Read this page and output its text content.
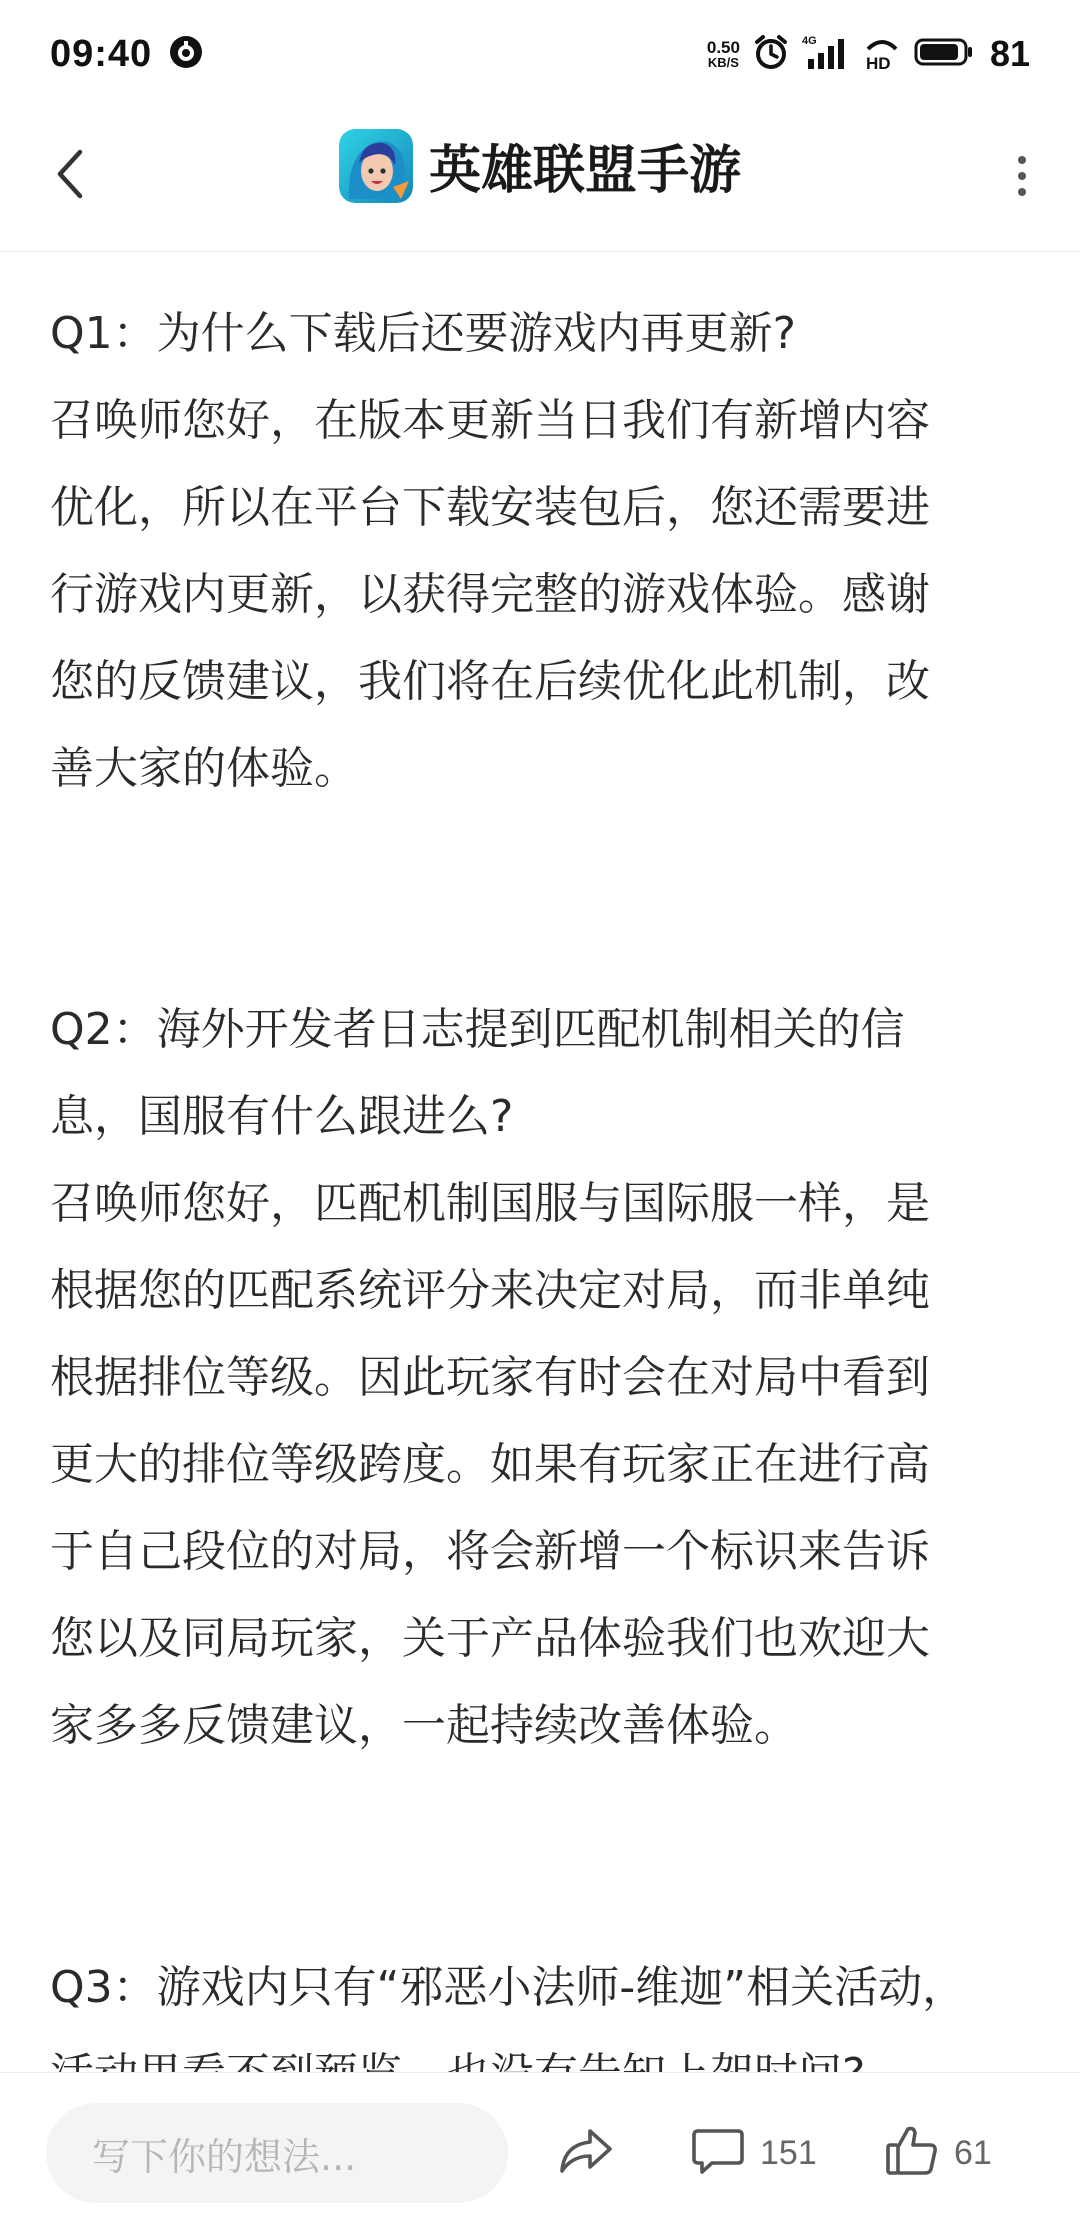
09:40	0.50
KB/S
4G
HD	81
英雄联盟手游

Q1：为什么下载后还要游戏内再更新?

召唤师您好，在版本更新当日我们有新增内容

优化，所以在平台下载安装包后，您还需要进

行游戏内更新，以获得完整的游戏体验。感谢

您的反馈建议，我们将在后续优化此机制，改

善大家的体验。

Q2：海外开发者日志提到匹配机制相关的信

息，国服有什么跟进么?

召唤师您好，匹配机制国服与国际服一样，是

根据您的匹配系统评分来决定对局，而非单纯

根据排位等级。因此玩家有时会在对局中看到

更大的排位等级跨度。如果有玩家正在进行高

于自己段位的对局，将会新增一个标识来告诉

您以及同局玩家，关于产品体验我们也欢迎大

家多多反馈建议，一起持续改善体验。

Q3：游戏内只有“邪恶小法师-维迦”相关活动，

写下你的想法...	151	61
